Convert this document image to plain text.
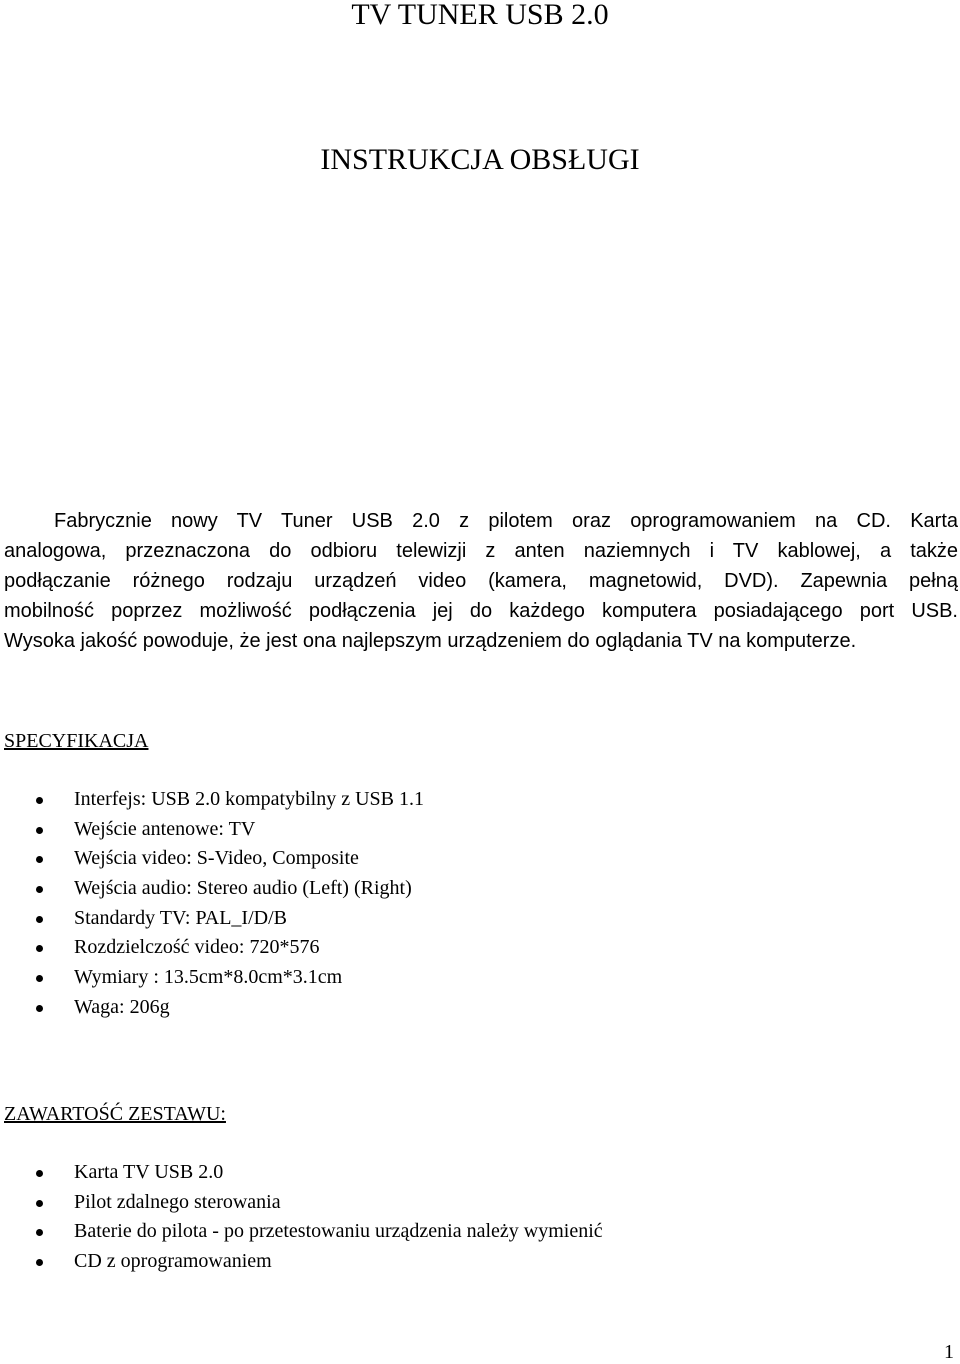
TV TUNER USB 2.0
INSTRUKCJA OBSŁUGI
Fabrycznie nowy TV Tuner USB 2.0 z pilotem oraz oprogramowaniem na CD. Karta
analogowa, przeznaczona do odbioru telewizji z anten naziemnych i TV kablowej, a także
podłączanie różnego rodzaju urządzeń video (kamera, magnetowid, DVD). Zapewnia pełną
mobilność poprzez możliwość podłączenia jej do każdego komputera posiadającego port USB.
Wysoka jakość powoduje, że jest ona najlepszym urządzeniem do oglądania TV na komputerze.
SPECYFIKACJA
Interfejs: USB 2.0 kompatybilny z USB 1.1
Wejście antenowe: TV
Wejścia video: S-Video, Composite
Wejścia audio: Stereo audio (Left) (Right)
Standardy TV: PAL_I/D/B
Rozdzielczość video: 720*576
Wymiary : 13.5cm*8.0cm*3.1cm
Waga: 206g
ZAWARTOŚĆ ZESTAWU:
Karta TV USB 2.0
Pilot zdalnego sterowania
Baterie do pilota - po przetestowaniu urządzenia należy wymienić
CD z oprogramowaniem
1
